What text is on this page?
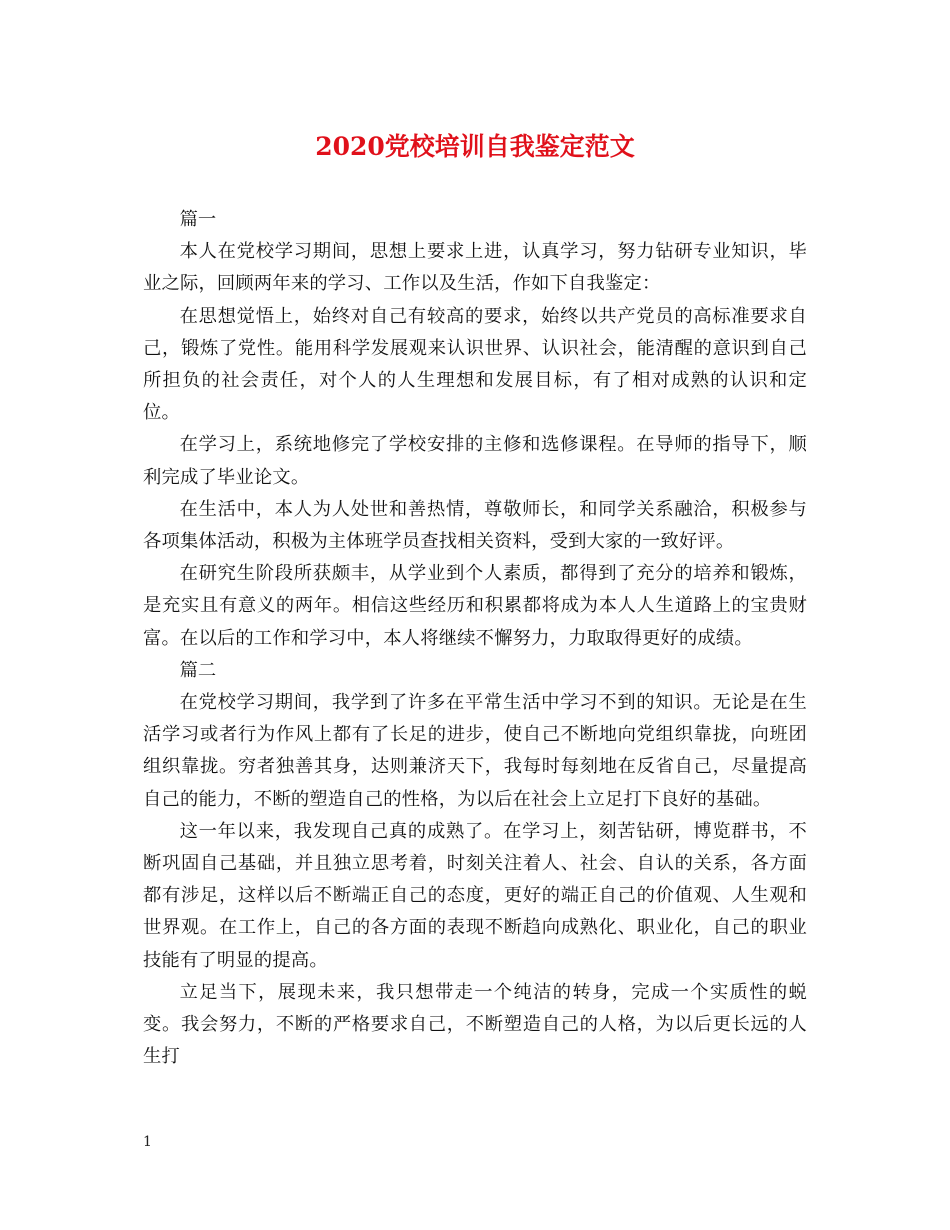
2020党校培训自我鉴定范文

篇一

本人在党校学习期间，思想上要求上进，认真学习，努力钻研专业知识，毕业之际，回顾两年来的学习、工作以及生活，作如下自我鉴定：

在思想觉悟上，始终对自己有较高的要求，始终以共产党员的高标准要求自己，锻炼了党性。能用科学发展观来认识世界、认识社会，能清醒的意识到自己所担负的社会责任，对个人的人生理想和发展目标，有了相对成熟的认识和定位。

在学习上，系统地修完了学校安排的主修和选修课程。在导师的指导下，顺利完成了毕业论文。

在生活中，本人为人处世和善热情，尊敬师长，和同学关系融洽，积极参与各项集体活动，积极为主体班学员查找相关资料，受到大家的一致好评。

在研究生阶段所获颇丰，从学业到个人素质，都得到了充分的培养和锻炼，是充实且有意义的两年。相信这些经历和积累都将成为本人人生道路上的宝贵财富。在以后的工作和学习中，本人将继续不懈努力，力取取得更好的成绩。

篇二

在党校学习期间，我学到了许多在平常生活中学习不到的知识。无论是在生活学习或者行为作风上都有了长足的进步，使自己不断地向党组织靠拢，向班团组织靠拢。穷者独善其身，达则兼济天下，我每时每刻地在反省自己，尽量提高自己的能力，不断的塑造自己的性格，为以后在社会上立足打下良好的基础。

这一年以来，我发现自己真的成熟了。在学习上，刻苦钻研，博览群书，不断巩固自己基础，并且独立思考着，时刻关注着人、社会、自认的关系，各方面都有涉足，这样以后不断端正自己的态度，更好的端正自己的价值观、人生观和世界观。在工作上，自己的各方面的表现不断趋向成熟化、职业化，自己的职业技能有了明显的提高。

立足当下，展现未来，我只想带走一个纯洁的转身，完成一个实质性的蜕变。我会努力，不断的严格要求自己，不断塑造自己的人格，为以后更长远的人生打

1
